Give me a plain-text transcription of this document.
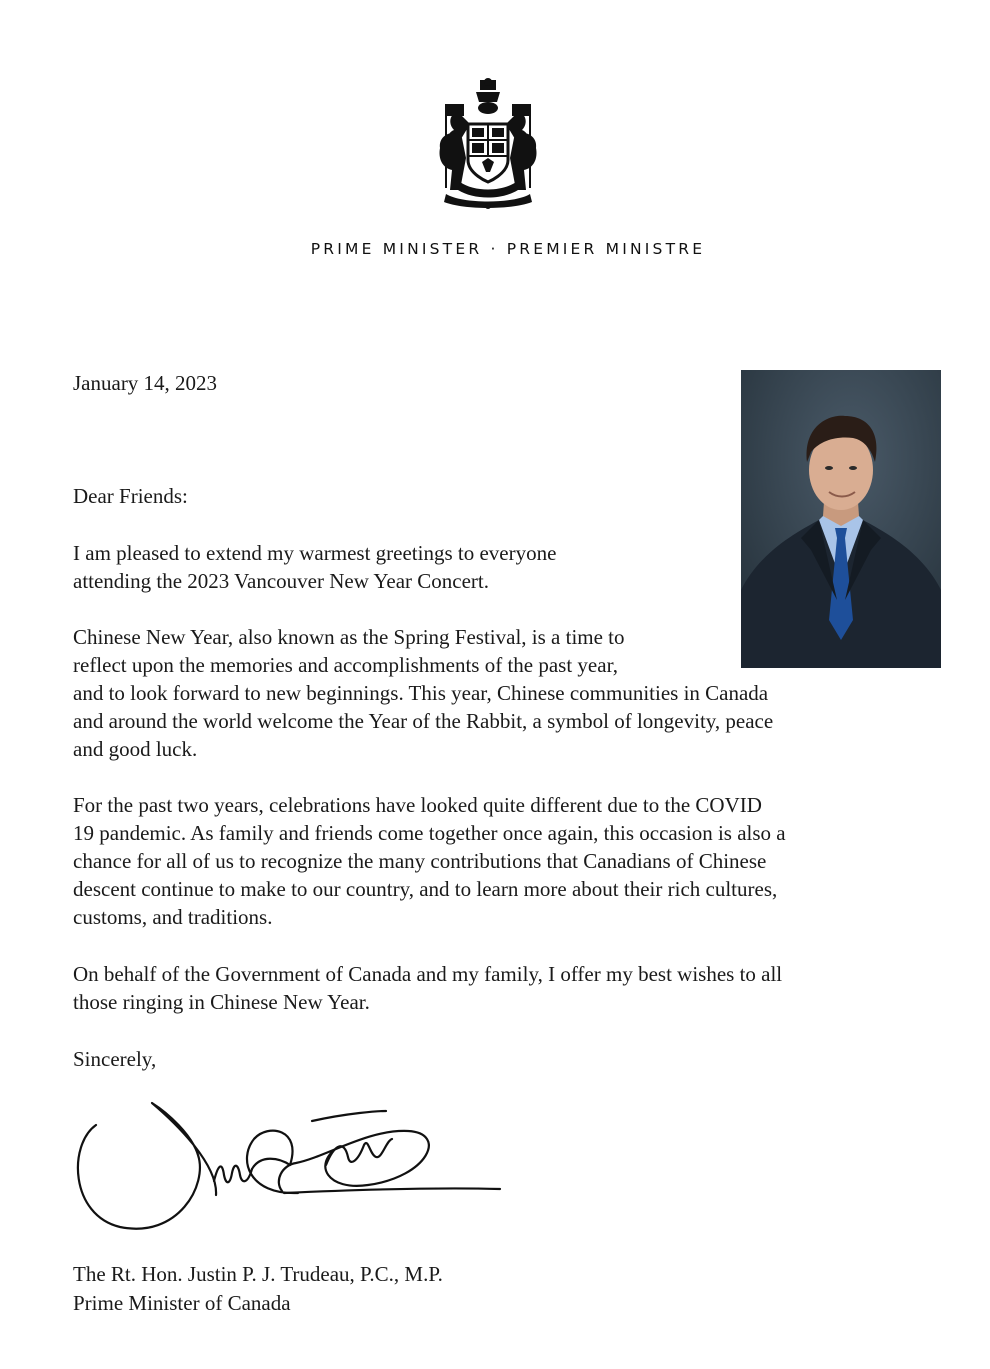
PRIME MINISTER · PREMIER MINISTRE
January 14, 2023
Dear Friends:
I am pleased to extend my warmest greetings to everyone
attending the 2023 Vancouver New Year Concert.
Chinese New Year, also known as the Spring Festival, is a time to
reflect upon the memories and accomplishments of the past year,
and to look forward to new beginnings. This year, Chinese communities in Canada
and around the world welcome the Year of the Rabbit, a symbol of longevity, peace
and good luck.
For the past two years, celebrations have looked quite different due to the COVID
19 pandemic. As family and friends come together once again, this occasion is also a
chance for all of us to recognize the many contributions that Canadians of Chinese
descent continue to make to our country, and to learn more about their rich cultures,
customs, and traditions.
On behalf of the Government of Canada and my family, I offer my best wishes to all
those ringing in Chinese New Year.
Sincerely,
The Rt. Hon. Justin P. J. Trudeau, P.C., M.P.
Prime Minister of Canada
